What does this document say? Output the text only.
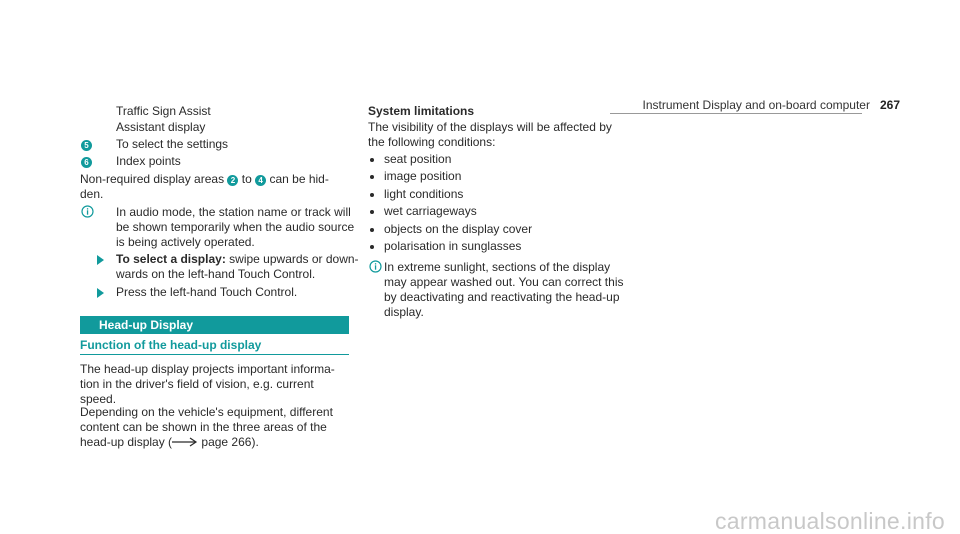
Instrument Display and on-board computer 267
Traffic Sign Assist
Assistant display
5 To select the settings
6 Index points
Non-required display areas 2 to 4 can be hid-
den.
In audio mode, the station name or track will
be shown temporarily when the audio source
is being actively operated.
To select a display: swipe upwards or down-
wards on the left-hand Touch Control.
Press the left-hand Touch Control.
Head-up Display
Function of the head-up display
The head-up display projects important informa-
tion in the driver's field of vision, e.g. current
speed.
Depending on the vehicle's equipment, different
content can be shown in the three areas of the
head-up display ( page 266).
System limitations
The visibility of the displays will be affected by
the following conditions:
seat position
image position
light conditions
wet carriageways
objects on the display cover
polarisation in sunglasses
In extreme sunlight, sections of the display
may appear washed out. You can correct this
by deactivating and reactivating the head-up
display.
carmanualsonline.info
